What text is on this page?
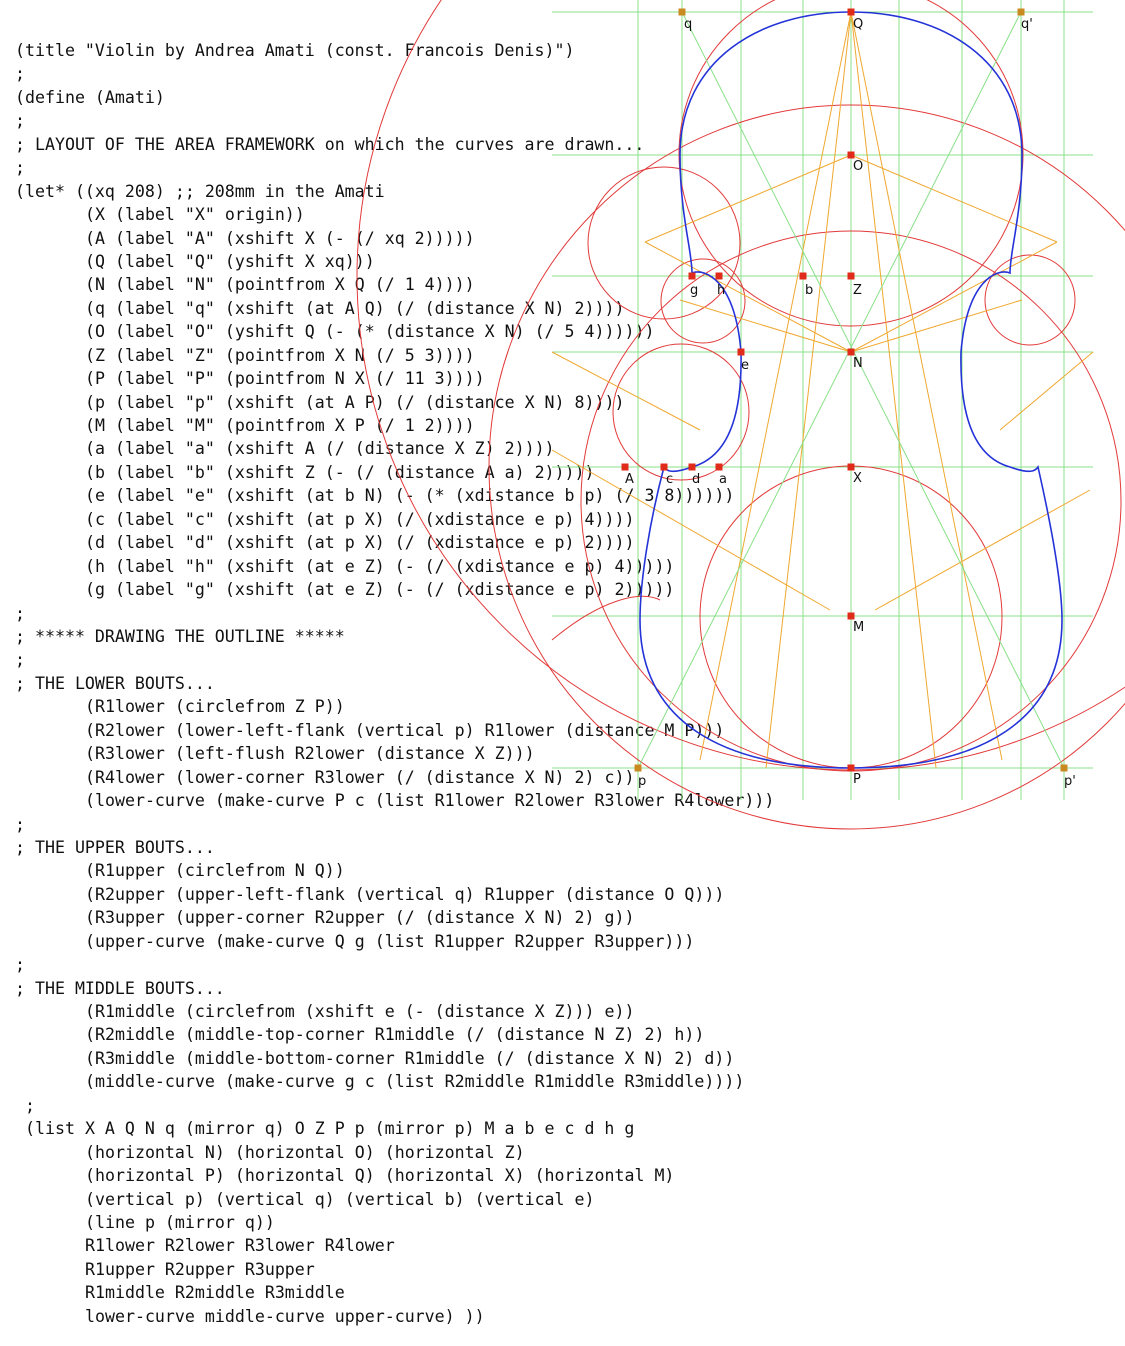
(title "Violin by Andrea Amati (const. Francois Denis)")
;
(define (Amati)
;
; LAYOUT OF THE AREA FRAMEWORK on which the curves are drawn...
;
(let* ((xq 208) ;; 208mm in the Amati
(X (label "X" origin))
(A (label "A" (xshift X (- (/ xq 2)))))
(Q (label "Q" (yshift X xq)))
(N (label "N" (pointfrom X Q (/ 1 4))))
(q (label "q" (xshift (at A Q) (/ (distance X N) 2))))
(O (label "O" (yshift Q (- (* (distance X N) (/ 5 4))))))
(Z (label "Z" (pointfrom X N (/ 5 3))))
(P (label "P" (pointfrom N X (/ 11 3))))
(p (label "p" (xshift (at A P) (/ (distance X N) 8))))
(M (label "M" (pointfrom X P (/ 1 2))))
(a (label "a" (xshift A (/ (distance X Z) 2))))
(b (label "b" (xshift Z (- (/ (distance A a) 2)))))
(e (label "e" (xshift (at b N) (- (* (xdistance b p) (/ 3 8))))))
(c (label "c" (xshift (at p X) (/ (xdistance e p) 4))))
(d (label "d" (xshift (at p X) (/ (xdistance e p) 2))))
(h (label "h" (xshift (at e Z) (- (/ (xdistance e p) 4)))))
(g (label "g" (xshift (at e Z) (- (/ (xdistance e p) 2)))))
;
; ***** DRAWING THE OUTLINE *****
;
; THE LOWER BOUTS...
(R1lower (circlefrom Z P))
(R2lower (lower-left-flank (vertical p) R1lower (distance M P)))
(R3lower (left-flush R2lower (distance X Z)))
(R4lower (lower-corner R3lower (/ (distance X N) 2) c))
(lower-curve (make-curve P c (list R1lower R2lower R3lower R4lower)))
;
; THE UPPER BOUTS...
(R1upper (circlefrom N Q))
(R2upper (upper-left-flank (vertical q) R1upper (distance O Q)))
(R3upper (upper-corner R2upper (/ (distance X N) 2) g))
(upper-curve (make-curve Q g (list R1upper R2upper R3upper)))
;
; THE MIDDLE BOUTS...
(R1middle (circlefrom (xshift e (- (distance X Z))) e))
(R2middle (middle-top-corner R1middle (/ (distance N Z) 2) h))
(R3middle (middle-bottom-corner R1middle (/ (distance X N) 2) d))
(middle-curve (make-curve g c (list R2middle R1middle R3middle))))
;
(list X A Q N q (mirror q) O Z P p (mirror p) M a b e c d h g
(horizontal N) (horizontal O) (horizontal Z)
(horizontal P) (horizontal Q) (horizontal X) (horizontal M)
(vertical p) (vertical q) (vertical b) (vertical e)
(line p (mirror q))
R1lower R2lower R3lower R4lower
R1upper R2upper R3upper
R1middle R2middle R3middle
lower-curve middle-curve upper-curve) ))
q	Q	q'
O
g h	b	Z
e	N
A c d a	X
M
p	P	p'
